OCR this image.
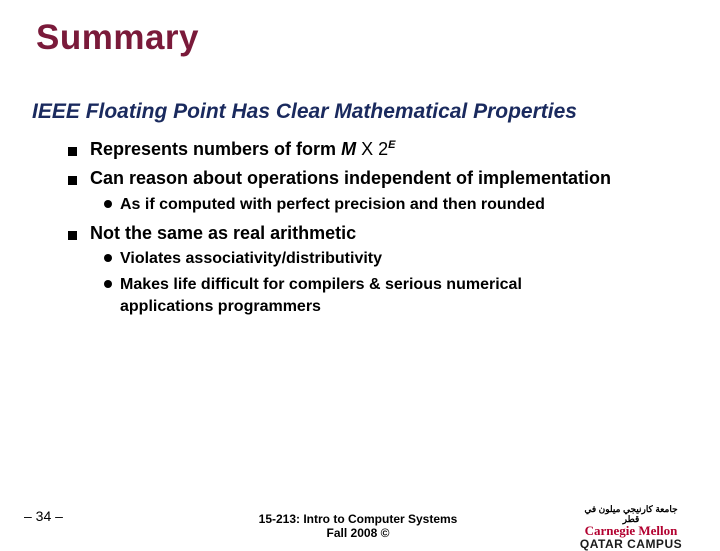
Summary
IEEE Floating Point Has Clear Mathematical Properties
Represents numbers of form M X $2^E$
Can reason about operations independent of implementation
As if computed with perfect precision and then rounded
Not the same as real arithmetic
Violates associativity/distributivity
Makes life difficult for compilers & serious numerical
applications programmers
– 34 –	15-213: Intro to Computer Systems
Fall 2008 ©
جامعة كارنيجي ميلون في قطر
Carnegie Mellon
QATAR CAMPUS
